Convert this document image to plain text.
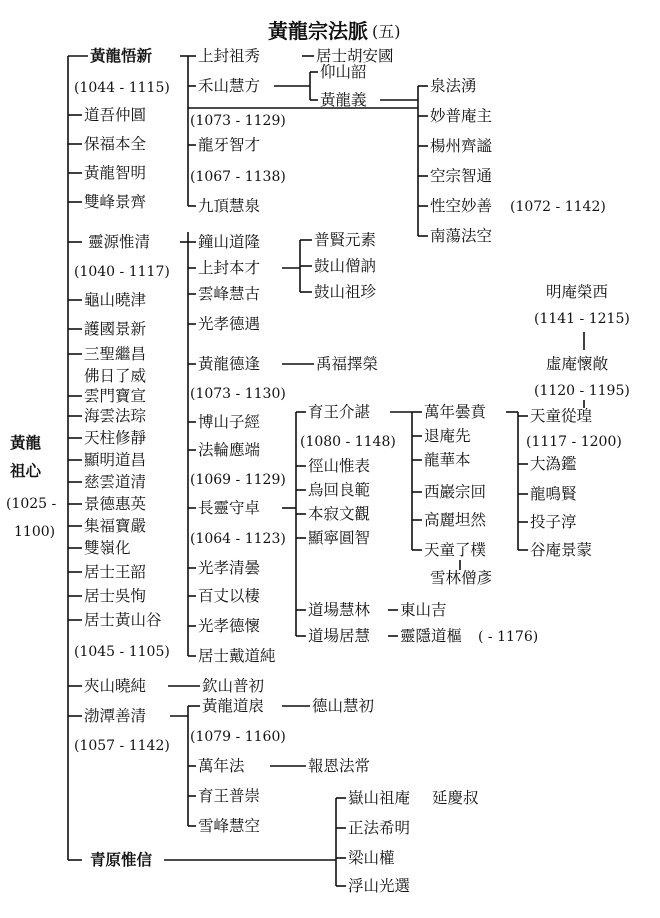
黃龍宗法脈 (五)
黃龍
祖心
(1025 -
1100)
黃龍悟新
(1044 - 1115)
道吾仲圓
保福本全
黃龍智明
雙峰景齊
靈源惟清
(1040 - 1117)
龜山曉津
護國景新
三聖繼昌
佛日了威
雲門寶宣
海雲法琮
天柱修靜
顯明道昌
慈雲道清
景德惠英
集福寶嚴
雙嶺化
居士王韶
居士吳恂
居士黃山谷
(1045 - 1105)
夾山曉純
渤潭善清
(1057 - 1142)
青原惟信
上封祖秀	居士胡安國
禾山慧方
仰山韶
黃龍義
(1073 - 1129)
龍牙智才
(1067 - 1138)
九頂慧泉
鐘山道隆
上封本才
雲峰慧古
光孝德遇
黃龍德逢
(1073 - 1130)
博山子經
法輪應端
(1069 - 1129)
長靈守卓
(1064 - 1123)
光孝清曇
百丈以棲
光孝德懷
居士戴道純
欽山普初
黃龍道扆
(1079 - 1160)
萬年法
育王普崇
雪峰慧空
普賢元素
鼓山僧訥
鼓山祖珍
禹福擇榮
育王介諶
(1080 - 1148)
徑山惟表
烏回良範
本寂文觀
顯寧圓智
道場慧林 東山吉
道場居慧 靈隱道樞 ( - 1176)
德山慧初
報恩法常
嶽山祖庵 延慶叔
正法希明
梁山權
浮山光選
泉法湧
妙普庵主
楊州齊謐
空宗智通
性空妙善 (1072 - 1142)
南蕩法空
萬年曇賁
退庵先
龍華本
西巖宗回
高麗坦然
天童了樸
雪林僧彥
明庵榮西
(1141 - 1215)
虛庵懷敞
(1120 - 1195)
天童從瑝
(1117 - 1200)
大溈鑑
龍鳴賢
投子淳
谷庵景蒙
